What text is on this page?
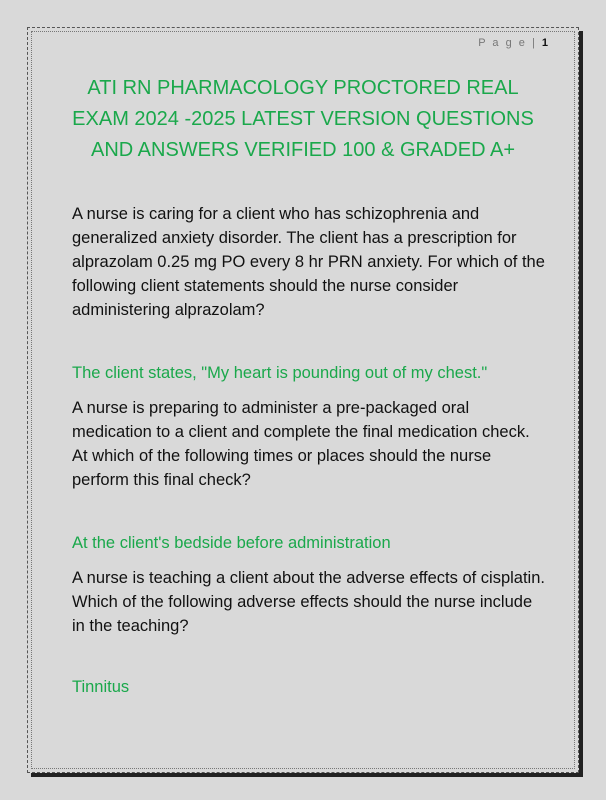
P a g e | 1
ATI RN PHARMACOLOGY PROCTORED REAL EXAM 2024 -2025 LATEST VERSION QUESTIONS AND ANSWERS VERIFIED 100 & GRADED A+

A nurse is caring for a client who has schizophrenia and generalized anxiety disorder. The client has a prescription for alprazolam 0.25 mg PO every 8 hr PRN anxiety. For which of the following client statements should the nurse consider administering alprazolam?

The client states, "My heart is pounding out of my chest."

A nurse is preparing to administer a pre-packaged oral medication to a client and complete the final medication check. At which of the following times or places should the nurse perform this final check?

At the client's bedside before administration

A nurse is teaching a client about the adverse effects of cisplatin. Which of the following adverse effects should the nurse include in the teaching?

Tinnitus
